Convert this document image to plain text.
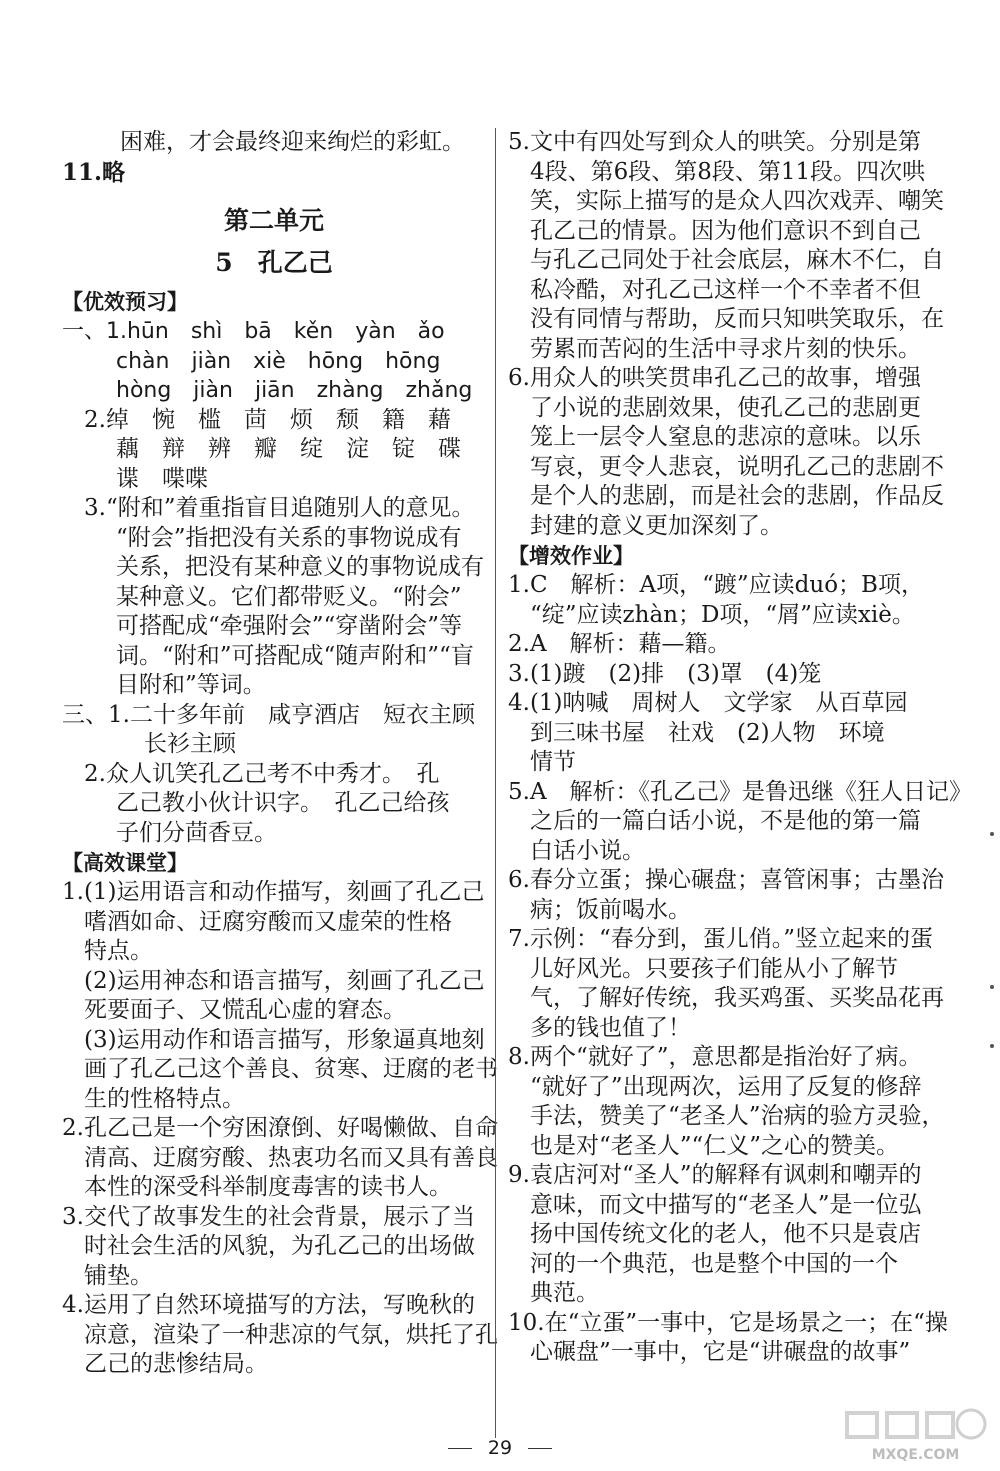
困难，才会最终迎来绚烂的彩虹。
11.略
第二单元
5　孔乙己
【优效预习】
一、1.hūn　shì　bā　kěn　yàn　ǎo
chàn　jiàn　xiè　hōng　hōng
hòng　jiàn　jiān　zhàng　zhǎng
2.绰　惋　槛　茴　烦　颓　籍　藉
藕　辩　辨　瓣　绽　淀　锭　碟
谍　喋喋
3.“附和”着重指盲目追随别人的意见。
“附会”指把没有关系的事物说成有
关系，把没有某种意义的事物说成有
某种意义。它们都带贬义。“附会”
可搭配成“牵强附会”“穿凿附会”等
词。“附和”可搭配成“随声附和”“盲
目附和”等词。
三、1.二十多年前　咸亨酒店　短衣主顾
长衫主顾
2.众人讥笑孔乙己考不中秀才。　孔
乙己教小伙计识字。　孔乙己给孩
子们分茴香豆。
【高效课堂】
1.(1)运用语言和动作描写，刻画了孔乙己
嗜酒如命、迂腐穷酸而又虚荣的性格
特点。
(2)运用神态和语言描写，刻画了孔乙己
死要面子、又慌乱心虚的窘态。
(3)运用动作和语言描写，形象逼真地刻
画了孔乙己这个善良、贫寒、迂腐的老书
生的性格特点。
2.孔乙己是一个穷困潦倒、好喝懒做、自命
清高、迂腐穷酸、热衷功名而又具有善良
本性的深受科举制度毒害的读书人。
3.交代了故事发生的社会背景，展示了当
时社会生活的风貌，为孔乙己的出场做
铺垫。
4.运用了自然环境描写的方法，写晚秋的
凉意，渲染了一种悲凉的气氛，烘托了孔
乙己的悲惨结局。
5.文中有四处写到众人的哄笑。分别是第
4段、第6段、第8段、第11段。四次哄
笑，实际上描写的是众人四次戏弄、嘲笑
孔乙己的情景。因为他们意识不到自己
与孔乙己同处于社会底层，麻木不仁，自
私冷酷，对孔乙己这样一个不幸者不但
没有同情与帮助，反而只知哄笑取乐，在
劳累而苦闷的生活中寻求片刻的快乐。
6.用众人的哄笑贯串孔乙己的故事，增强
了小说的悲剧效果，使孔乙己的悲剧更
笼上一层令人窒息的悲凉的意味。以乐
写哀，更令人悲哀，说明孔乙己的悲剧不
是个人的悲剧，而是社会的悲剧，作品反
封建的意义更加深刻了。
【增效作业】
1.C　解析：A项，“踱”应读duó；B项，
“绽”应读zhàn；D项，“屑”应读xiè。
2.A　解析：藉—籍。
3.(1)踱　(2)排　(3)罩　(4)笼
4.(1)呐喊　周树人　文学家　从百草园
到三味书屋　社戏　(2)人物　环境
情节
5.A　解析：《孔乙己》是鲁迅继《狂人日记》
之后的一篇白话小说，不是他的第一篇
白话小说。
6.春分立蛋；操心碾盘；喜管闲事；古墨治
病；饭前喝水。
7.示例：“春分到，蛋儿俏。”竖立起来的蛋
儿好风光。只要孩子们能从小了解节
气，了解好传统，我买鸡蛋、买奖品花再
多的钱也值了！
8.两个“就好了”，意思都是指治好了病。
“就好了”出现两次，运用了反复的修辞
手法，赞美了“老圣人”治病的验方灵验，
也是对“老圣人”“仁义”之心的赞美。
9.袁店河对“圣人”的解释有讽刺和嘲弄的
意味，而文中描写的“老圣人”是一位弘
扬中国传统文化的老人，他不只是袁店
河的一个典范，也是整个中国的一个
典范。
10.在“立蛋”一事中，它是场景之一；在“操
心碾盘”一事中，它是“讲碾盘的故事”
29	MXQE.COM
